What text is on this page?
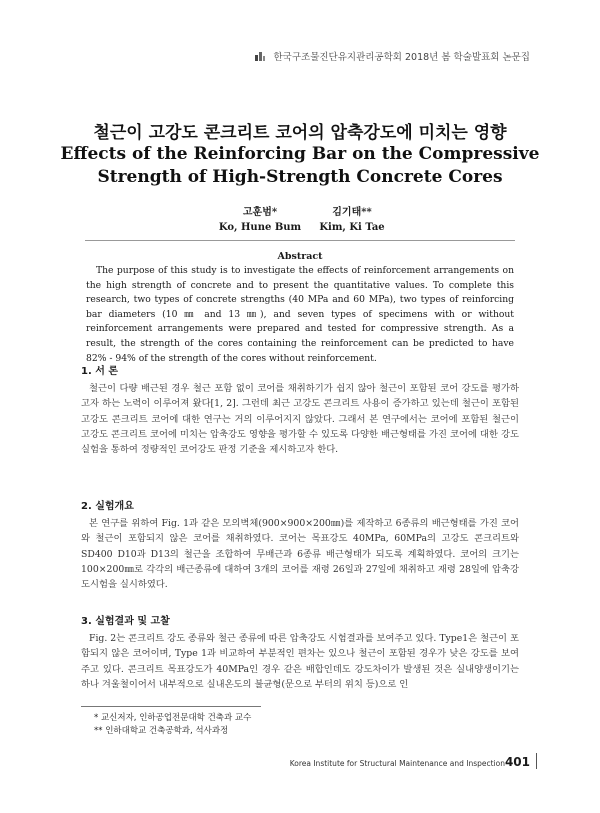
한국구조물진단유지관리공학회 2018년 봄 학술발표회 논문집
철근이 고강도 콘크리트 코어의 압축강도에 미치는 영향
Effects of the Reinforcing Bar on the Compressive Strength of High-Strength Concrete Cores
고훈범*
Ko, Hune Bum
김기태**
Kim, Ki Tae
Abstract
The purpose of this study is to investigate the effects of reinforcement arrangements on the high strength of concrete and to present the quantitative values. To complete this research, two types of concrete strengths (40 MPa and 60 MPa), two types of reinforcing bar diameters (10 ㎜ and 13 ㎜), and seven types of specimens with or without reinforcement arrangements were prepared and tested for compressive strength. As a result, the strength of the cores containing the reinforcement can be predicted to have 82% - 94% of the strength of the cores without reinforcement.
1. 서 론
철근이 다량 배근된 경우 철근 포함 없이 코어를 채취하기가 쉽지 않아 철근이 포함된 코어 강도를 평가하고자 하는 노력이 이루어져 왔다[1, 2]. 그런데 최근 고강도 콘크리트 사용이 증가하고 있는데 철근이 포함된 고강도 콘크리트 코어에 대한 연구는 거의 이루어지지 않았다. 그래서 본 연구에서는 코어에 포함된 철근이 고강도 콘크리트 코어에 미치는 압축강도 영향을 평가할 수 있도록 다양한 배근형태를 가진 코어에 대한 강도실험을 통하여 정량적인 코어강도 판정 기준을 제시하고자 한다.
2. 실험개요
본 연구를 위하여 Fig. 1과 같은 모의벽체(900×900×200㎜)를 제작하고 6종류의 배근형태를 가진 코어와 철근이 포함되지 않은 코어를 채취하였다. 코어는 목표강도 40MPa, 60MPa의 고강도 콘크리트와 SD400 D10과 D13의 철근을 조합하여 무배근과 6종류 배근형태가 되도록 계획하였다. 코어의 크기는 100×200㎜로 각각의 배근종류에 대하여 3개의 코어를 재령 26일과 27일에 채취하고 재령 28일에 압축강도시험을 실시하였다.
3. 실험결과 및 고찰
Fig. 2는 콘크리트 강도 종류와 철근 종류에 따른 압축강도 시험결과를 보여주고 있다. Type1은 철근이 포함되지 않은 코어이며, Type 1과 비교하여 부분적인 편차는 있으나 철근이 포함된 경우가 낮은 강도를 보여주고 있다. 콘크리트 목표강도가 40MPa인 경우 같은 배합인데도 강도차이가 발생된 것은 실내양생이기는 하나 겨울철이어서 내부적으로 실내온도의 불균형(문으로 부터의 위치 등)으로 인
* 교신저자, 인하공업전문대학 건축과 교수
** 인하대학교 건축공학과, 석사과정
Korea Institute for Structural Maintenance and Inspection 401
